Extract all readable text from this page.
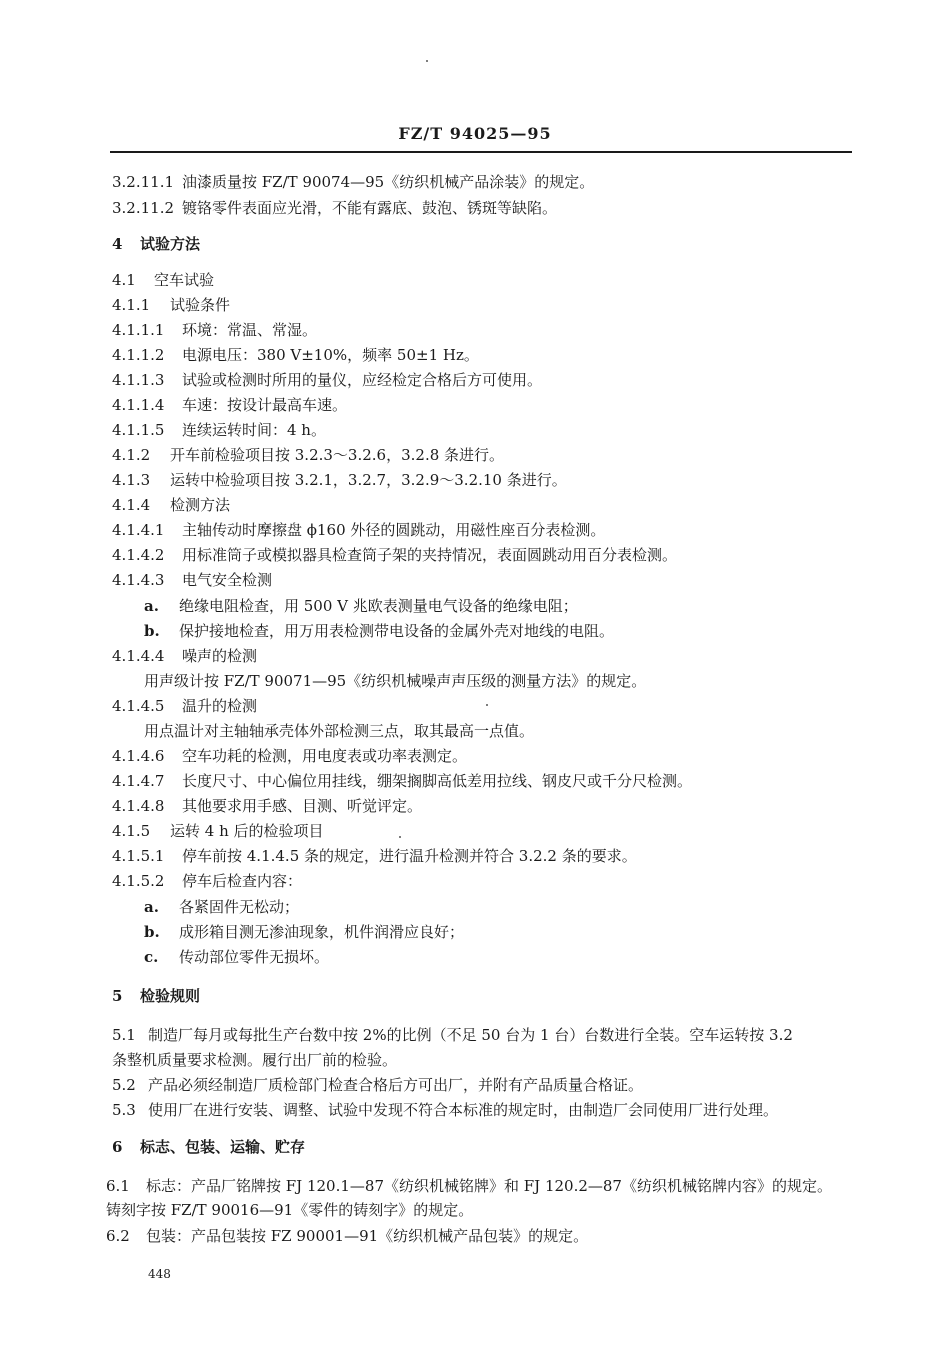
FZ/T 94025—95
3.2.11.1 油漆质量按 FZ/T 90074—95《纺织机械产品涂装》的规定。
3.2.11.2 镀铬零件表面应光滑，不能有露底、鼓泡、锈斑等缺陷。
4 试验方法
4.1 空车试验
4.1.1 试验条件
4.1.1.1 环境：常温、常湿。
4.1.1.2 电源电压：380 V±10%，频率 50±1 Hz。
4.1.1.3 试验或检测时所用的量仪，应经检定合格后方可使用。
4.1.1.4 车速：按设计最高车速。
4.1.1.5 连续运转时间：4 h。
4.1.2 开车前检验项目按 3.2.3～3.2.6，3.2.8 条进行。
4.1.3 运转中检验项目按 3.2.1，3.2.7，3.2.9～3.2.10 条进行。
4.1.4 检测方法
4.1.4.1 主轴传动时摩擦盘 ϕ160 外径的圆跳动，用磁性座百分表检测。
4.1.4.2 用标准筒子或模拟器具检查筒子架的夹持情况，表面圆跳动用百分表检测。
4.1.4.3 电气安全检测
a. 绝缘电阻检查，用 500 V 兆欧表测量电气设备的绝缘电阻；
b. 保护接地检查，用万用表检测带电设备的金属外壳对地线的电阻。
4.1.4.4 噪声的检测
用声级计按 FZ/T 90071—95《纺织机械噪声声压级的测量方法》的规定。
4.1.4.5 温升的检测
用点温计对主轴轴承壳体外部检测三点，取其最高一点值。
4.1.4.6 空车功耗的检测，用电度表或功率表测定。
4.1.4.7 长度尺寸、中心偏位用挂线，绷架搁脚高低差用拉线、钢皮尺或千分尺检测。
4.1.4.8 其他要求用手感、目测、听觉评定。
4.1.5 运转 4 h 后的检验项目
4.1.5.1 停车前按 4.1.4.5 条的规定，进行温升检测并符合 3.2.2 条的要求。
4.1.5.2 停车后检查内容：
a. 各紧固件无松动；
b. 成形箱目测无渗油现象，机件润滑应良好；
c. 传动部位零件无损坏。
5 检验规则
5.1 制造厂每月或每批生产台数中按 2%的比例（不足 50 台为 1 台）台数进行全装。空车运转按 3.2
条整机质量要求检测。履行出厂前的检验。
5.2 产品必须经制造厂质检部门检查合格后方可出厂，并附有产品质量合格证。
5.3 使用厂在进行安装、调整、试验中发现不符合本标准的规定时，由制造厂会同使用厂进行处理。
6 标志、包装、运输、贮存
6.1 标志：产品厂铭牌按 FJ 120.1—87《纺织机械铭牌》和 FJ 120.2—87《纺织机械铭牌内容》的规定。
铸刻字按 FZ/T 90016—91《零件的铸刻字》的规定。
6.2 包装：产品包装按 FZ 90001—91《纺织机械产品包装》的规定。
448
